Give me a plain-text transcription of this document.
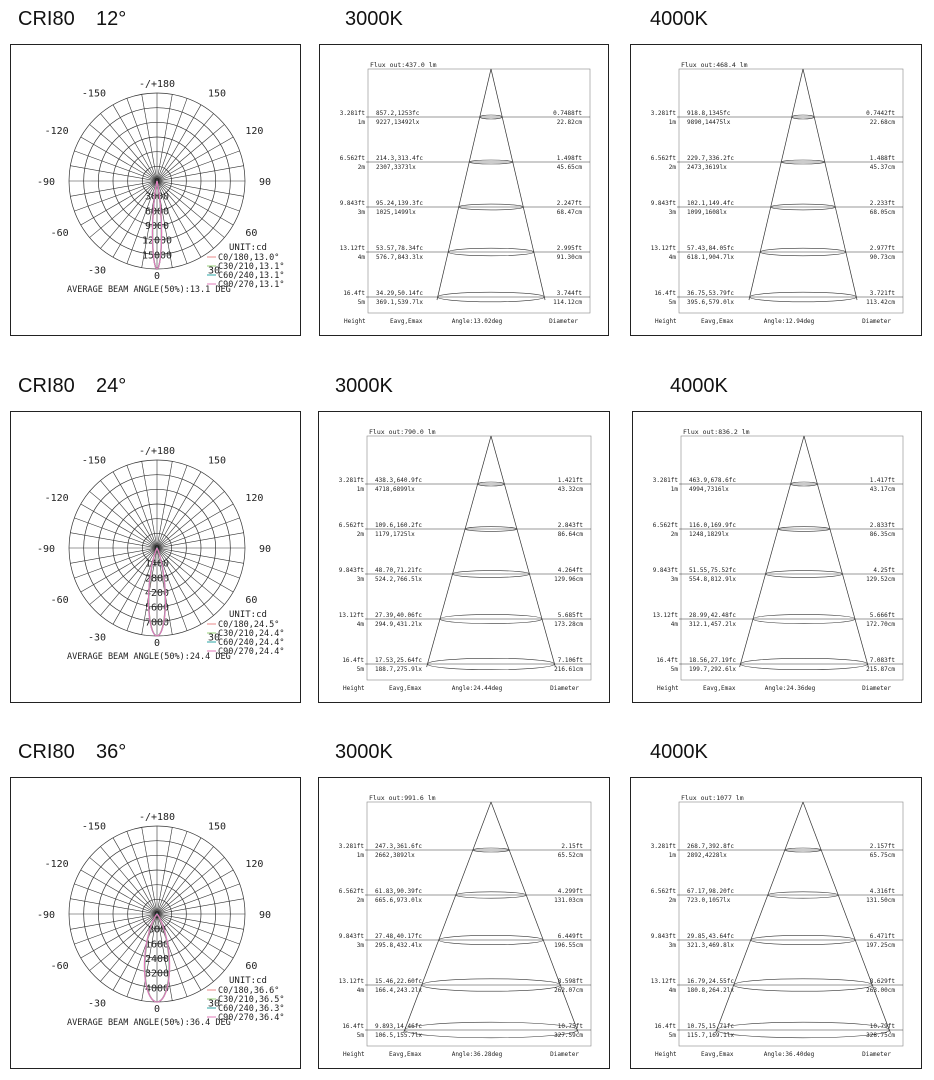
CRI80 12°	3000K	4000K
-/+180
-150	150
-120	120
-90	90
-60	60
-30	30
0
0
3000
6000
9000
12000
15000
UNIT:cd
C0/180,13.0°
C30/210,13.1°
C60/240,13.1°
C90/270,13.1°
AVERAGE BEAM ANGLE(50%):13.1 DEG
Flux out:437.0 lm
3.281ft
1m
857.2,1253fc
9227,13492lx
0.7488ft
22.82cm
6.562ft
2m
214.3,313.4fc
2307,3373lx
1.498ft
45.65cm
9.843ft
3m
95.24,139.3fc
1025,1499lx
2.247ft
68.47cm
13.12ft
4m
53.57,78.34fc
576.7,843.3lx
2.995ft
91.30cm
16.4ft
5m
34.29,50.14fc
369.1,539.7lx
3.744ft
114.12cm
Height	Eavg,Emax	Angle:13.02deg	Diameter
Flux out:468.4 lm
3.281ft
1m
918.8,1345fc
9890,14475lx
0.7442ft
22.68cm
6.562ft
2m
229.7,336.2fc
2473,3619lx
1.488ft
45.37cm
9.843ft
3m
102.1,149.4fc
1099,1608lx
2.233ft
68.05cm
13.12ft
4m
57.43,84.05fc
618.1,904.7lx
2.977ft
90.73cm
16.4ft
5m
36.75,53.79fc
395.6,579.0lx
3.721ft
113.42cm
Height	Eavg,Emax	Angle:12.94deg	Diameter
CRI80 24°	3000K	4000K
-/+180
-150	150
-120	120
-90	90
-60	60
-30	30
0
0
1400
2800
4200
5600
7000
UNIT:cd
C0/180,24.5°
C30/210,24.4°
C60/240,24.4°
C90/270,24.4°
AVERAGE BEAM ANGLE(50%):24.4 DEG
Flux out:790.0 lm
3.281ft
1m
438.3,640.9fc
4718,6899lx
1.421ft
43.32cm
6.562ft
2m
109.6,160.2fc
1179,1725lx
2.843ft
86.64cm
9.843ft
3m
48.70,71.21fc
524.2,766.5lx
4.264ft
129.96cm
13.12ft
4m
27.39,40.06fc
294.9,431.2lx
5.685ft
173.28cm
16.4ft
5m
17.53,25.64fc
188.7,275.9lx
7.106ft
216.61cm
Height	Eavg,Emax	Angle:24.44deg	Diameter
Flux out:836.2 lm
3.281ft
1m
463.9,678.6fc
4994,7316lx
1.417ft
43.17cm
6.562ft
2m
116.0,169.9fc
1248,1829lx
2.833ft
86.35cm
9.843ft
3m
51.55,75.52fc
554.8,812.9lx
4.25ft
129.52cm
13.12ft
4m
28.99,42.48fc
312.1,457.2lx
5.666ft
172.70cm
16.4ft
5m
18.56,27.19fc
199.7,292.6lx
7.083ft
215.87cm
Height	Eavg,Emax	Angle:24.36deg	Diameter
CRI80 36°	3000K	4000K
-/+180
-150	150
-120	120
-90	90
-60	60
-30	30
0
0
800
1600
2400
3200
4000
UNIT:cd
C0/180,36.6°
C30/210,36.5°
C60/240,36.3°
C90/270,36.4°
AVERAGE BEAM ANGLE(50%):36.4 DEG
Flux out:991.6 lm
3.281ft
1m
247.3,361.6fc
2662,3892lx
2.15ft
65.52cm
6.562ft
2m
61.83,90.39fc
665.6,973.0lx
4.299ft
131.03cm
9.843ft
3m
27.48,40.17fc
295.8,432.4lx
6.449ft
196.55cm
13.12ft
4m
15.46,22.60fc
166.4,243.2lx
8.598ft
262.07cm
16.4ft
5m
9.893,14.46fc
106.5,155.7lx
10.75ft
327.59cm
Height	Eavg,Emax	Angle:36.28deg	Diameter
Flux out:1077 lm
3.281ft
1m
268.7,392.8fc
2892,4228lx
2.157ft
65.75cm
6.562ft
2m
67.17,98.20fc
723.0,1057lx
4.316ft
131.50cm
9.843ft
3m
29.85,43.64fc
321.3,469.8lx
6.471ft
197.25cm
13.12ft
4m
16.79,24.55fc
180.8,264.2lx
8.629ft
263.00cm
16.4ft
5m
10.75,15.71fc
115.7,169.1lx
10.79ft
328.75cm
Height	Eavg,Emax	Angle:36.40deg	Diameter
